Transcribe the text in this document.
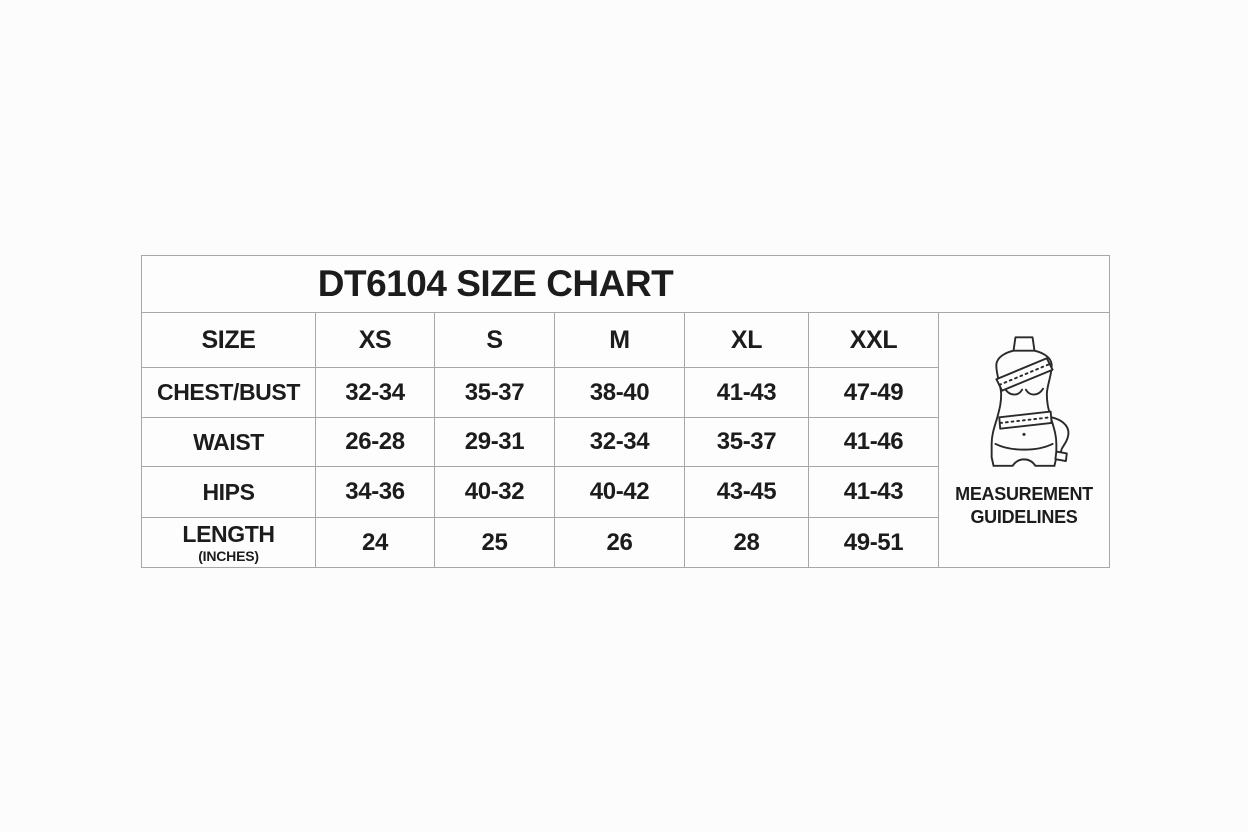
DT6104 SIZE CHART
SIZE	XS	S	M	XL	XXL
CHEST/BUST	32-34	35-37	38-40	41-43	47-49
WAIST	26-28	29-31	32-34	35-37	41-46
HIPS	34-36	40-32	40-42	43-45	41-43
LENGTH
(INCHES)	24	25	26	28	49-51
MEASUREMENT
GUIDELINES
